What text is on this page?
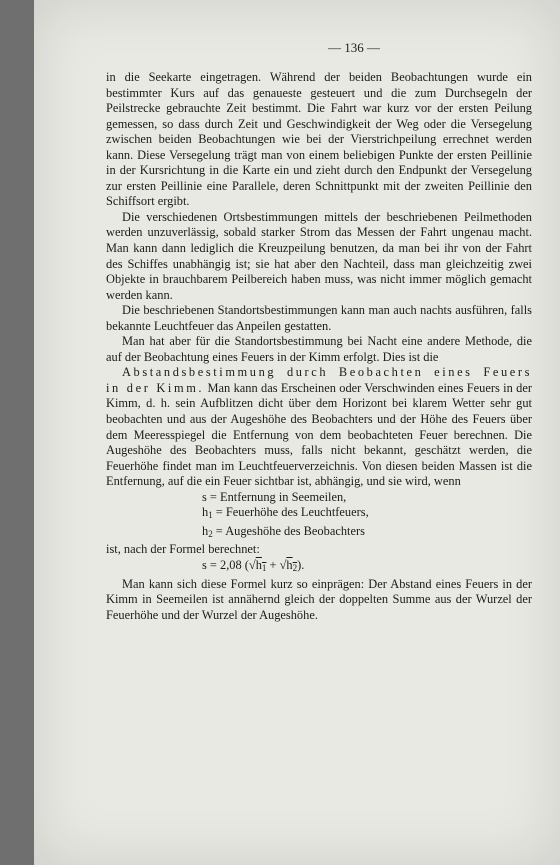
— 136 —

in die Seekarte eingetragen. Während der beiden Beobachtungen wurde ein bestimmter Kurs auf das genaueste gesteuert und die zum Durchsegeln der Peilstrecke gebrauchte Zeit bestimmt. Die Fahrt war kurz vor der ersten Peilung gemessen, so dass durch Zeit und Geschwindigkeit der Weg oder die Versegelung zwischen beiden Beobachtungen wie bei der Vierstrichpeilung errechnet werden kann. Diese Versegelung trägt man von einem beliebigen Punkte der ersten Peillinie in der Kursrichtung in die Karte ein und zieht durch den Endpunkt der Versegelung zur ersten Peillinie eine Parallele, deren Schnittpunkt mit der zweiten Peillinie den Schiffsort ergibt.

Die verschiedenen Ortsbestimmungen mittels der beschriebenen Peilmethoden werden unzuverlässig, sobald starker Strom das Messen der Fahrt ungenau macht. Man kann dann lediglich die Kreuzpeilung benutzen, da man bei ihr von der Fahrt des Schiffes unabhängig ist; sie hat aber den Nachteil, dass man gleichzeitig zwei Objekte in brauchbarem Peilbereich haben muss, was nicht immer möglich gemacht werden kann.

Die beschriebenen Standortsbestimmungen kann man auch nachts ausführen, falls bekannte Leuchtfeuer das Anpeilen gestatten.

Man hat aber für die Standortsbestimmung bei Nacht eine andere Methode, die auf der Beobachtung eines Feuers in der Kimm erfolgt. Dies ist die

Abstandsbestimmung durch Beobachten eines Feuers in der Kimm. Man kann das Erscheinen oder Verschwinden eines Feuers in der Kimm, d. h. sein Aufblitzen dicht über dem Horizont bei klarem Wetter sehr gut beobachten und aus der Augeshöhe des Beobachters und der Höhe des Feuers über dem Meeresspiegel die Entfernung von dem beobachteten Feuer berechnen. Die Augeshöhe des Beobachters muss, falls nicht bekannt, geschätzt werden, die Feuerhöhe findet man im Leuchtfeuerverzeichnis. Von diesen beiden Massen ist die Entfernung, auf die ein Feuer sichtbar ist, abhängig, und sie wird, wenn

s = Entfernung in Seemeilen,

$h_1$ = Feuerhöhe des Leuchtfeuers,

$h_2$ = Augeshöhe des Beobachters

ist, nach der Formel berechnet:

s = 2,08 $(√h_1 + √h_2)$.

Man kann sich diese Formel kurz so einprägen: Der Abstand eines Feuers in der Kimm in Seemeilen ist annähernd gleich der doppelten Summe aus der Wurzel der Feuerhöhe und der Wurzel der Augeshöhe.
